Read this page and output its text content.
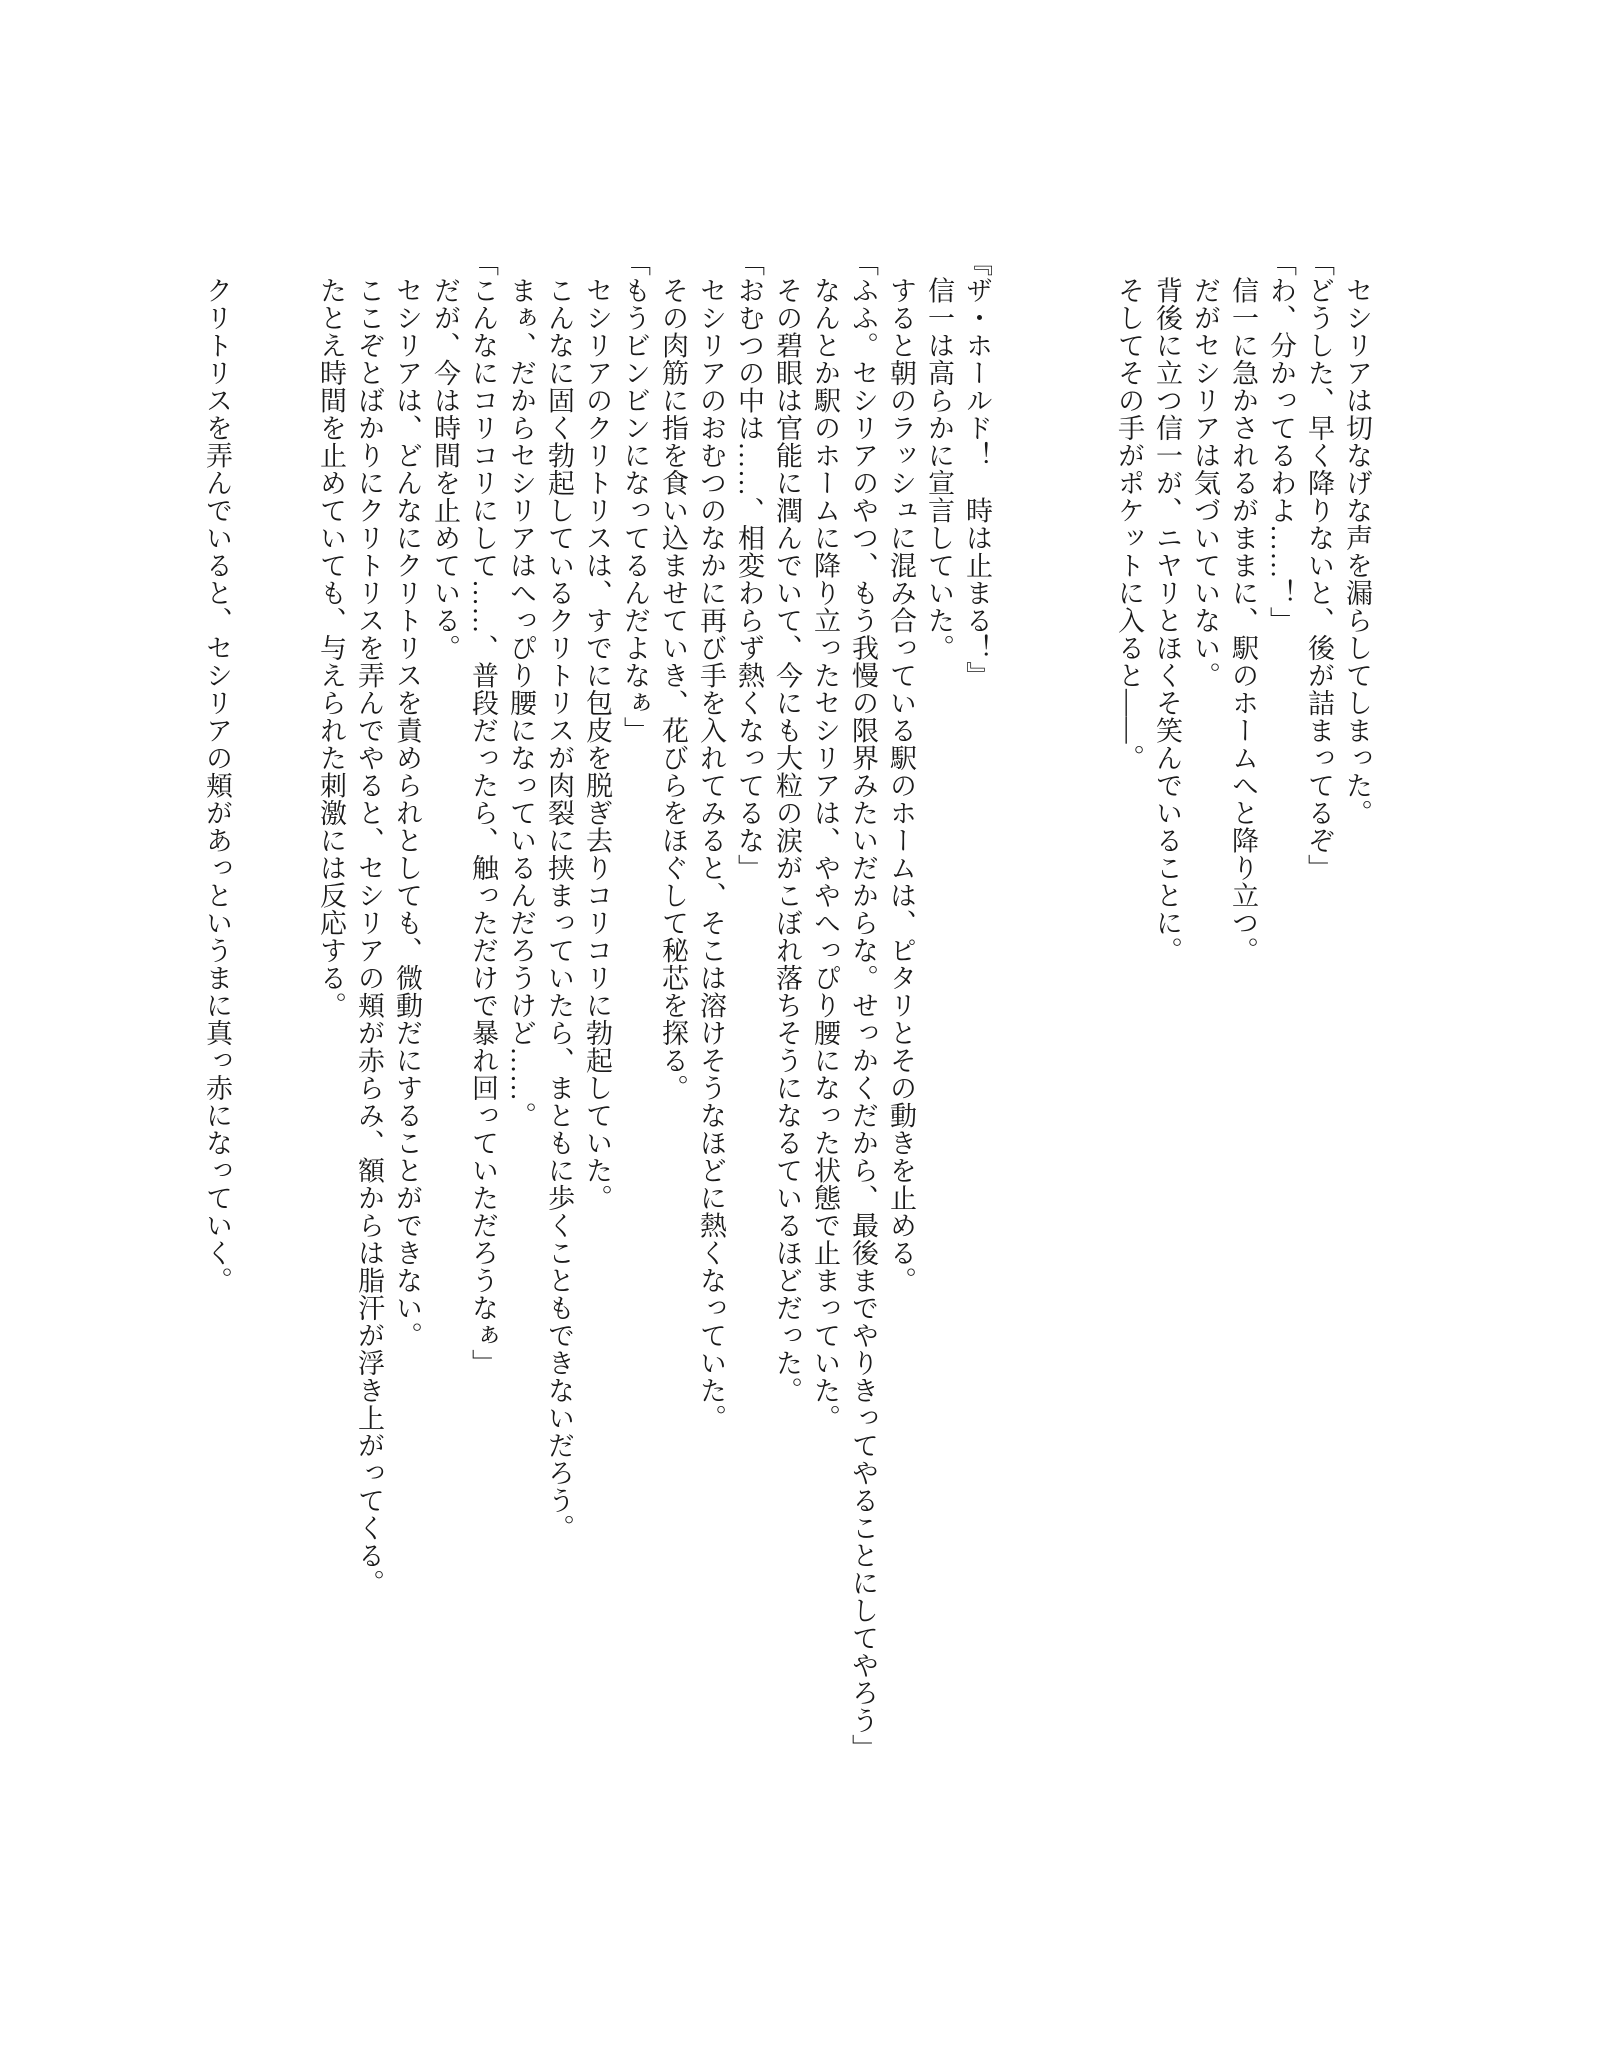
　セシリアは切なげな声を漏らしてしまった。

「どうした、早く降りないと、後が詰まってるぞ」

「わ、分かってるわよ……！」

　信一に急かされるがままに、駅のホームへと降り立つ。

　だがセシリアは気づいていない。

　背後に立つ信一が、ニヤリとほくそ笑んでいることに。

　そしてその手がポケットに入ると――。

『ザ・ホールド！　時は止まる！』

　信一は高らかに宣言していた。

　すると朝のラッシュに混み合っている駅のホームは、ピタリとその動きを止める。

「ふふ。セシリアのやつ、もう我慢の限界みたいだからな。せっかくだから、最後までやりきってやることにしてやろう」

　なんとか駅のホームに降り立ったセシリアは、ややへっぴり腰になった状態で止まっていた。

　その碧眼は官能に潤んでいて、今にも大粒の涙がこぼれ落ちそうになるているほどだった。

「おむつの中は……、相変わらず熱くなってるな」

　セシリアのおむつのなかに再び手を入れてみると、そこは溶けそうなほどに熱くなっていた。

　その肉筋に指を食い込ませていき、花びらをほぐして秘芯を探る。

「もうビンビンになってるんだよなぁ」

　セシリアのクリトリスは、すでに包皮を脱ぎ去りコリコリに勃起していた。

　こんなに固く勃起しているクリトリスが肉裂に挟まっていたら、まともに歩くこともできないだろう。

　まぁ、だからセシリアはへっぴり腰になっているんだろうけど……。

「こんなにコリコリにして……、普段だったら、触っただけで暴れ回っていただろうなぁ」

　だが、今は時間を止めている。

　セシリアは、どんなにクリトリスを責められとしても、微動だにすることができない。

　ここぞとばかりにクリトリスを弄んでやると、セシリアの頬が赤らみ、額からは脂汗が浮き上がってくる。

　たとえ時間を止めていても、与えられた刺激には反応する。

　クリトリスを弄んでいると、セシリアの頬があっというまに真っ赤になっていく。
